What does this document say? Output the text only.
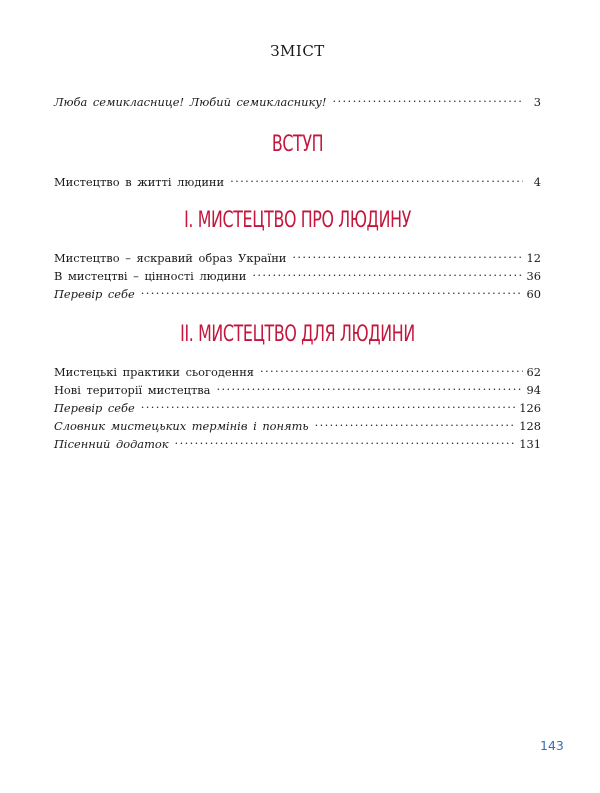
ЗМІСТ
Люба семикласнице! Любий семикласнику! .....	3
ВСТУП
Мистецтво в житті людини .....	4
І. МИСТЕЦТВО ПРО ЛЮДИНУ
Мистецтво – яскравий образ України .....	12
В мистецтві – цінності людини .....	36
Перевір себе .....	60
ІІ. МИСТЕЦТВО ДЛЯ ЛЮДИНИ
Мистецькі практики сьогодення .....	62
Нові території мистецтва .....	94
Перевір себе .....	126
Словник мистецьких термінів і понять .....	128
Пісенний додаток .....	131
143
